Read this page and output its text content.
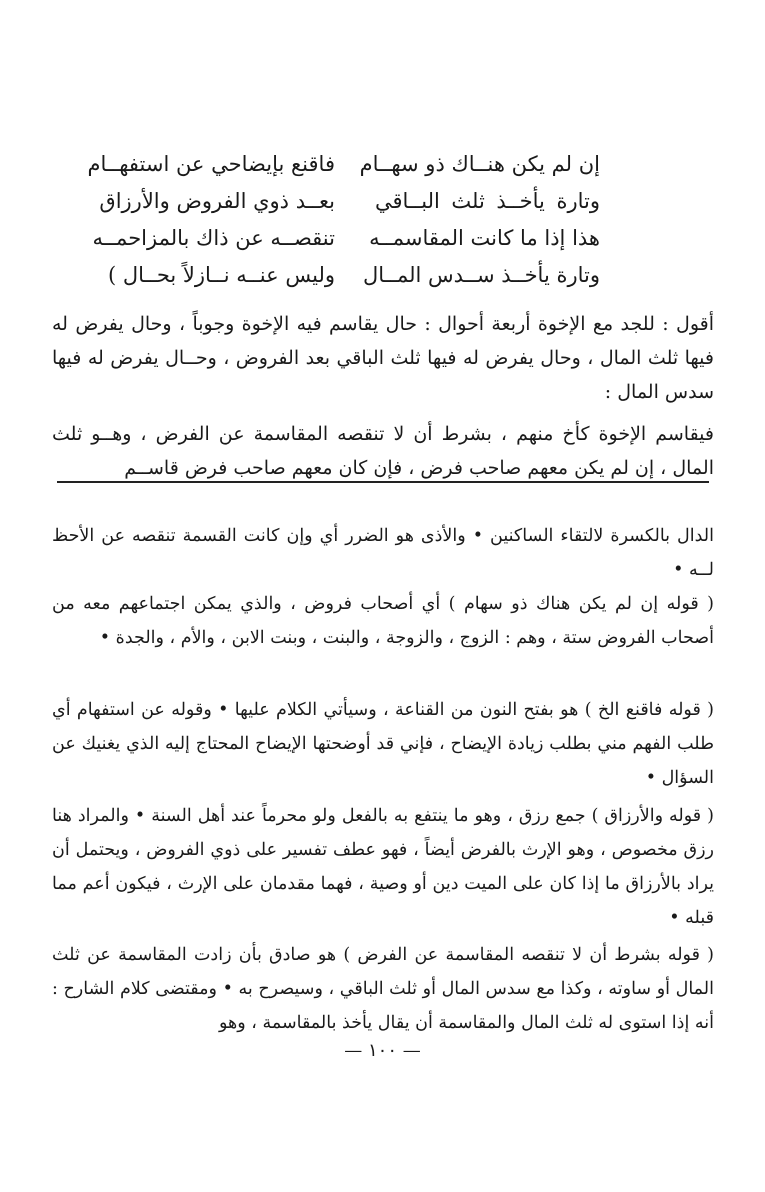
إن لم يكن هنــاك ذو سهــام
فاقنع بإيضاحي عن استفهــام
وتارة يأخــذ ثلث البــاقي
بعــد ذوي الفروض والأرزاق
هذا إذا ما كانت المقاسمــه
تنقصــه عن ذاك بالمزاحمــه
وتارة يأخــذ ســدس المــال
وليس عنــه نــازلاً بحــال )

أقول : للجد مع الإخوة أربعة أحوال : حال يقاسم فيه الإخوة وجوباً ، وحال يفرض له فيها ثلث المال ، وحال يفرض له فيها ثلث الباقي بعد الفروض ، وحــال يفرض له فيها سدس المال :

فيقاسم الإخوة كأخ منهم ، بشرط أن لا تنقصه المقاسمة عن الفرض ، وهــو ثلث المال ، إن لم يكن معهم صاحب فرض ، فإن كان معهم صاحب فرض قاســم

الدال بالكسرة لالتقاء الساكنين • والأذى هو الضرر أي وإن كانت القسمة تنقصه عن الأحظ لــه •

( قوله إن لم يكن هناك ذو سهام ) أي أصحاب فروض ، والذي يمكن اجتماعهم معه من أصحاب الفروض ستة ، وهم : الزوج ، والزوجة ، والبنت ، وبنت الابن ، والأم ، والجدة •

( قوله فاقنع الخ ) هو بفتح النون من القناعة ، وسيأتي الكلام عليها • وقوله عن استفهام أي طلب الفهم مني بطلب زيادة الإيضاح ، فإني قد أوضحتها الإيضاح المحتاج إليه الذي يغنيك عن السؤال •

( قوله والأرزاق ) جمع رزق ، وهو ما ينتفع به بالفعل ولو محرماً عند أهل السنة • والمراد هنا رزق مخصوص ، وهو الإرث بالفرض أيضاً ، فهو عطف تفسير على ذوي الفروض ، ويحتمل أن يراد بالأرزاق ما إذا كان على الميت دين أو وصية ، فهما مقدمان على الإرث ، فيكون أعم مما قبله •

( قوله بشرط أن لا تنقصه المقاسمة عن الفرض ) هو صادق بأن زادت المقاسمة عن ثلث المال أو ساوته ، وكذا مع سدس المال أو ثلث الباقي ، وسيصرح به • ومقتضى كلام الشارح : أنه إذا استوى له ثلث المال والمقاسمة أن يقال يأخذ بالمقاسمة ، وهو

— ١٠٠ —
